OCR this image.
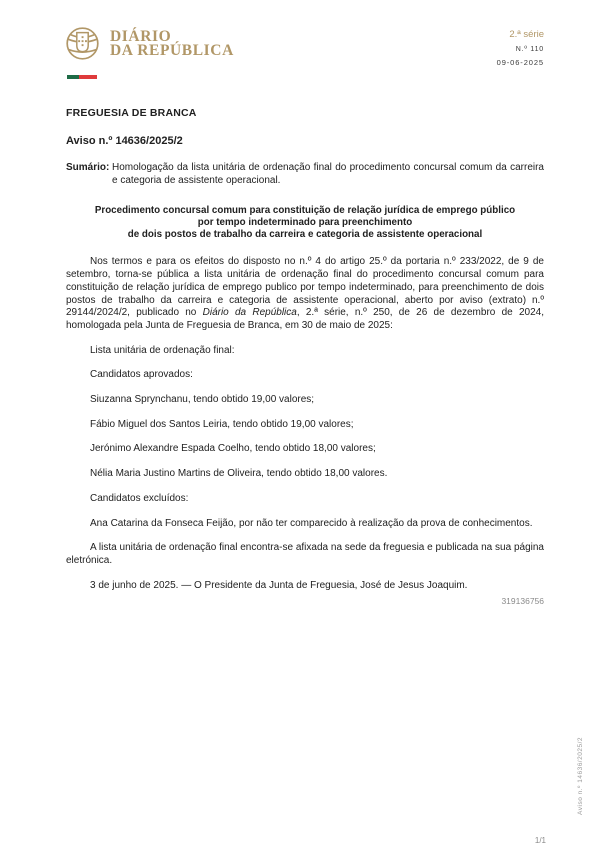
DIÁRIO
DA REPÚBLICA
2.ª série
N.º 110
09-06-2025
FREGUESIA DE BRANCA
Aviso n.º 14636/2025/2
Sumário: Homologação da lista unitária de ordenação final do procedimento concursal comum da carreira e categoria de assistente operacional.
Procedimento concursal comum para constituição de relação jurídica de emprego público
por tempo indeterminado para preenchimento
de dois postos de trabalho da carreira e categoria de assistente operacional

Nos termos e para os efeitos do disposto no n.º 4 do artigo 25.º da portaria n.º 233/2022, de 9 de setembro, torna-se pública a lista unitária de ordenação final do procedimento concursal comum para constituição de relação jurídica de emprego publico por tempo indeterminado, para preenchimento de dois postos de trabalho da carreira e categoria de assistente operacional, aberto por aviso (extrato) n.º 29144/2024/2, publicado no Diário da República, 2.ª série, n.º 250, de 26 de dezembro de 2024, homologada pela Junta de Freguesia de Branca, em 30 de maio de 2025:

Lista unitária de ordenação final:

Candidatos aprovados:

Siuzanna Sprynchanu, tendo obtido 19,00 valores;

Fábio Miguel dos Santos Leiria, tendo obtido 19,00 valores;

Jerónimo Alexandre Espada Coelho, tendo obtido 18,00 valores;

Nélia Maria Justino Martins de Oliveira, tendo obtido 18,00 valores.

Candidatos excluídos:

Ana Catarina da Fonseca Feijão, por não ter comparecido à realização da prova de conhecimentos.

A lista unitária de ordenação final encontra-se afixada na sede da freguesia e publicada na sua página eletrónica.

3 de junho de 2025. — O Presidente da Junta de Freguesia, José de Jesus Joaquim.

319136756
Aviso n.º 14636/2025/2
1/1
